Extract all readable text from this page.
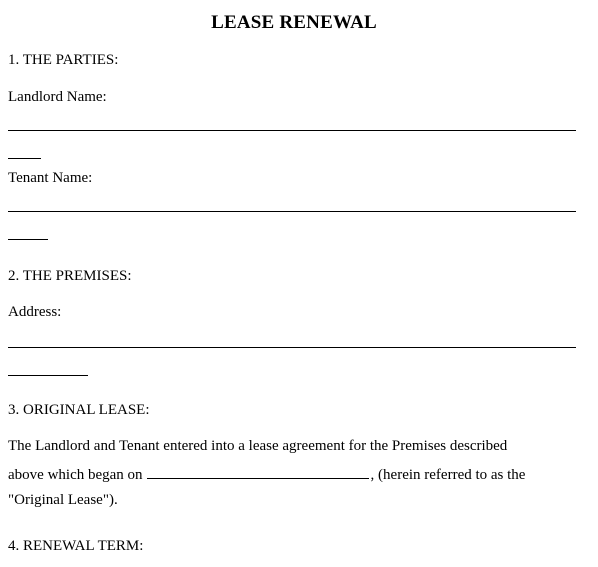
LEASE RENEWAL
1. THE PARTIES:
Landlord Name:
Tenant Name:
2. THE PREMISES:
Address:
3. ORIGINAL LEASE:
The Landlord and Tenant entered into a lease agreement for the Premises described
above which began on	, (herein referred to as the
"Original Lease").
4. RENEWAL TERM:
